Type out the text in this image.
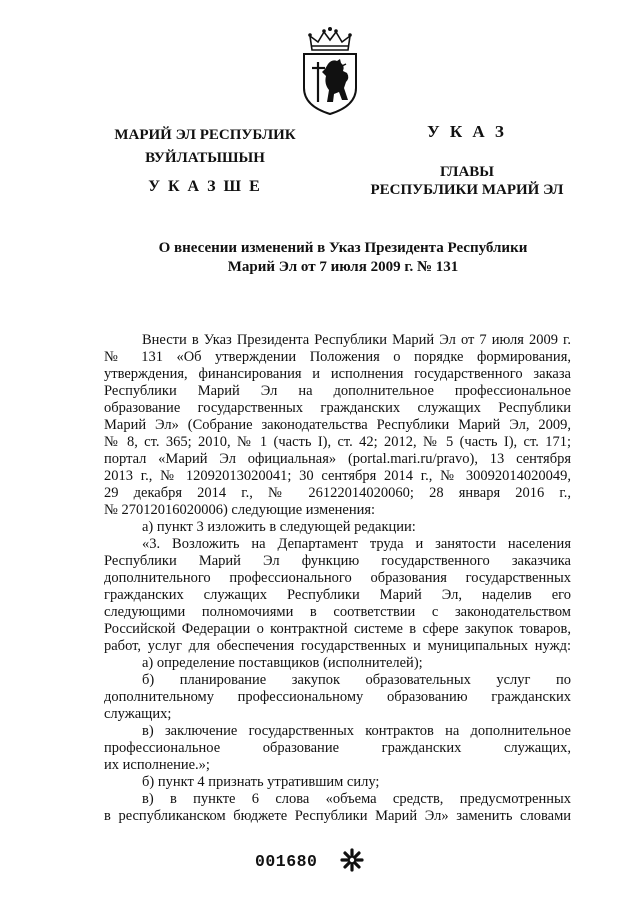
МАРИЙ ЭЛ РЕСПУБЛИК
ВУЙЛАТЫШЫН
У К А З Ш Е
У К А З
ГЛАВЫ
РЕСПУБЛИКИ МАРИЙ ЭЛ
О внесении изменений в Указ Президента Республики
Марий Эл от 7 июля 2009 г. № 131
Внести в Указ Президента Республики Марий Эл от 7 июля 2009 г.
№ 131 «Об утверждении Положения о порядке формирования,
утверждения, финансирования и исполнения государственного заказа
Республики Марий Эл на дополнительное профессиональное
образование государственных гражданских служащих Республики
Марий Эл» (Собрание законодательства Республики Марий Эл, 2009,
№ 8, ст. 365; 2010, № 1 (часть I), ст. 42; 2012, № 5 (часть I), ст. 171;
портал «Марий Эл официальная» (portal.mari.ru/pravo), 13 сентября
2013 г., № 12092013020041; 30 сентября 2014 г., № 30092014020049,
29 декабря 2014 г., № 26122014020060; 28 января 2016 г.,
№ 27012016020006) следующие изменения:
а) пункт 3 изложить в следующей редакции:
«3. Возложить на Департамент труда и занятости населения
Республики Марий Эл функцию государственного заказчика
дополнительного профессионального образования государственных
гражданских служащих Республики Марий Эл, наделив его
следующими полномочиями в соответствии с законодательством
Российской Федерации о контрактной системе в сфере закупок товаров,
работ, услуг для обеспечения государственных и муниципальных нужд:
а) определение поставщиков (исполнителей);
б) планирование закупок образовательных услуг по
дополнительному профессиональному образованию гражданских
служащих;
в) заключение государственных контрактов на дополнительное
профессиональное образование гражданских служащих,
их исполнение.»;
б) пункт 4 признать утратившим силу;
в) в пункте 6 слова «объема средств, предусмотренных
в республиканском бюджете Республики Марий Эл» заменить словами
001680
